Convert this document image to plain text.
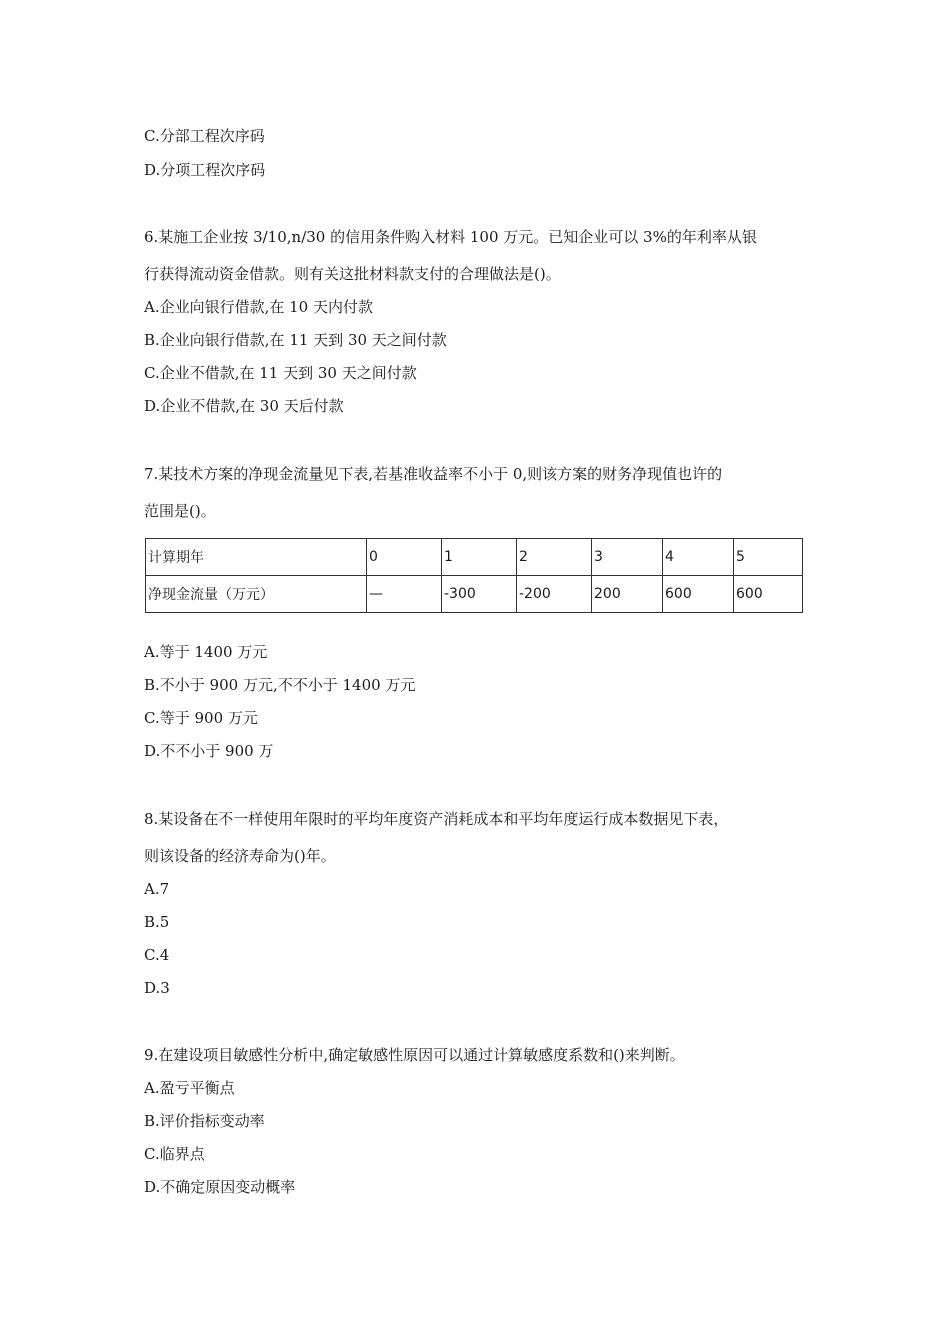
C.分部工程次序码
D.分项工程次序码
6.某施工企业按 3/10,n/30 的信用条件购入材料 100 万元。已知企业可以 3%的年利率从银
行获得流动资金借款。则有关这批材料款支付的合理做法是()。
A.企业向银行借款,在 10 天内付款
B.企业向银行借款,在 11 天到 30 天之间付款
C.企业不借款,在 11 天到 30 天之间付款
D.企业不借款,在 30 天后付款
7.某技术方案的净现金流量见下表,若基准收益率不小于 0,则该方案的财务净现值也许的
范围是()。
计算期年	0	1	2	3	4	5
净现金流量（万元）	—	-300	-200	200	600	600
A.等于 1400 万元
B.不小于 900 万元,不不小于 1400 万元
C.等于 900 万元
D.不不小于 900 万
8.某设备在不一样使用年限时的平均年度资产消耗成本和平均年度运行成本数据见下表，
则该设备的经济寿命为()年。
A.7
B.5
C.4
D.3
9.在建设项目敏感性分析中,确定敏感性原因可以通过计算敏感度系数和()来判断。
A.盈亏平衡点
B.评价指标变动率
C.临界点
D.不确定原因变动概率
